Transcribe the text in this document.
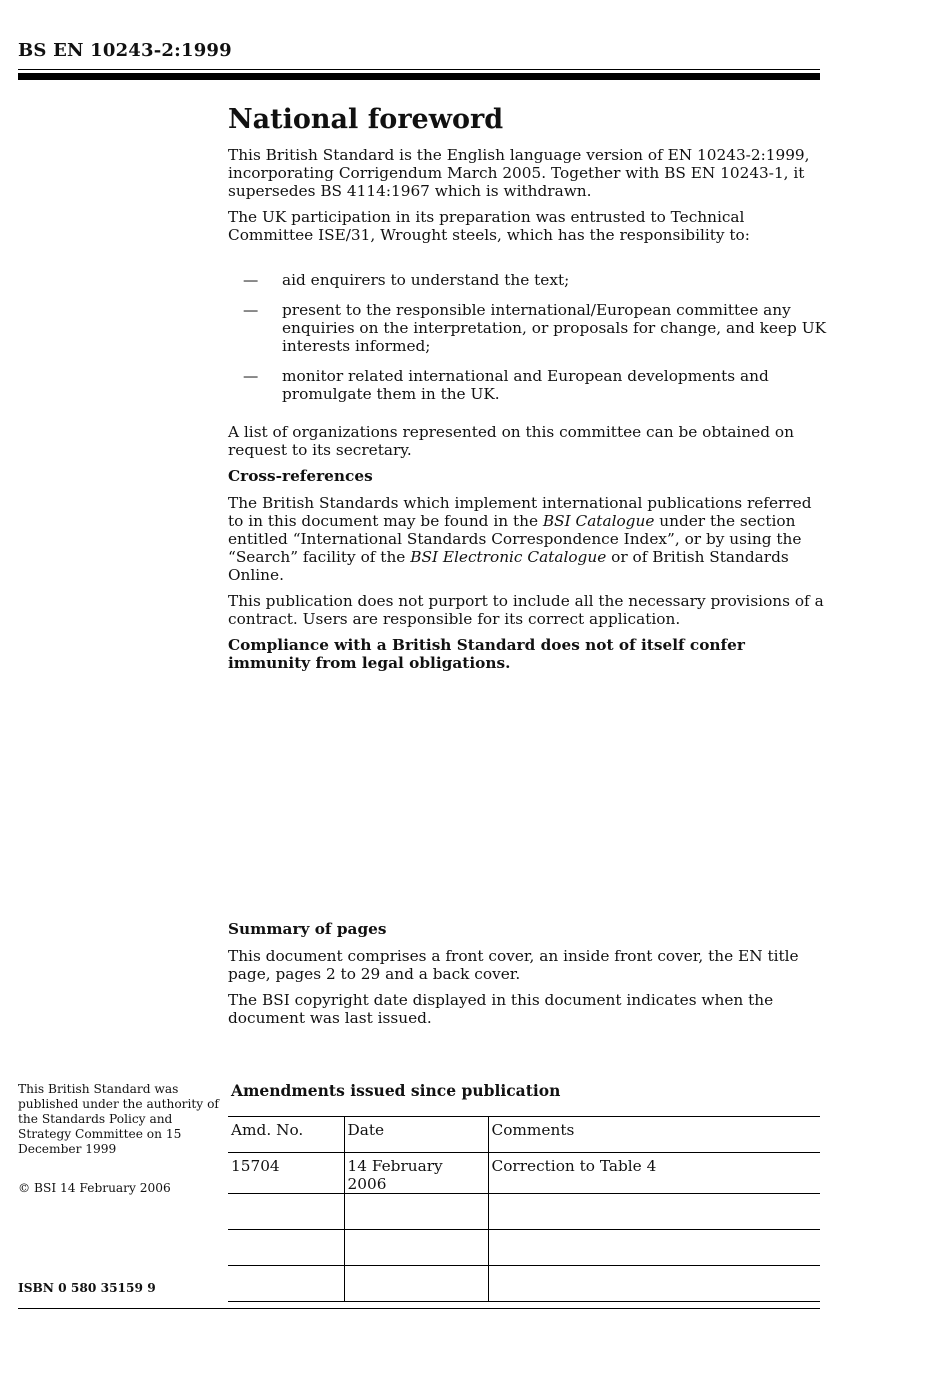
BS EN 10243-2:1999
National foreword

This British Standard is the English language version of EN 10243-2:1999, incorporating Corrigendum March 2005. Together with BS EN 10243-1, it supersedes BS 4114:1967 which is withdrawn.

The UK participation in its preparation was entrusted to Technical Committee ISE/31, Wrought steels, which has the responsibility to:

— aid enquirers to understand the text;
— present to the responsible international/European committee any enquiries on the interpretation, or proposals for change, and keep UK interests informed;
— monitor related international and European developments and promulgate them in the UK.

A list of organizations represented on this committee can be obtained on request to its secretary.

Cross-references

The British Standards which implement international publications referred to in this document may be found in the BSI Catalogue under the section entitled “International Standards Correspondence Index”, or by using the “Search” facility of the BSI Electronic Catalogue or of British Standards Online.

This publication does not purport to include all the necessary provisions of a contract. Users are responsible for its correct application.

Compliance with a British Standard does not of itself confer immunity from legal obligations.

Summary of pages

This document comprises a front cover, an inside front cover, the EN title page, pages 2 to 29 and a back cover.

The BSI copyright date displayed in this document indicates when the document was last issued.

This British Standard was published under the authority of the Standards Policy and Strategy Committee on 15 December 1999
© BSI 14 February 2006
ISBN 0 580 35159 9
Amendments issued since publication
Amd. No.	Date	Comments
15704	14 February 2006	Correction to Table 4
